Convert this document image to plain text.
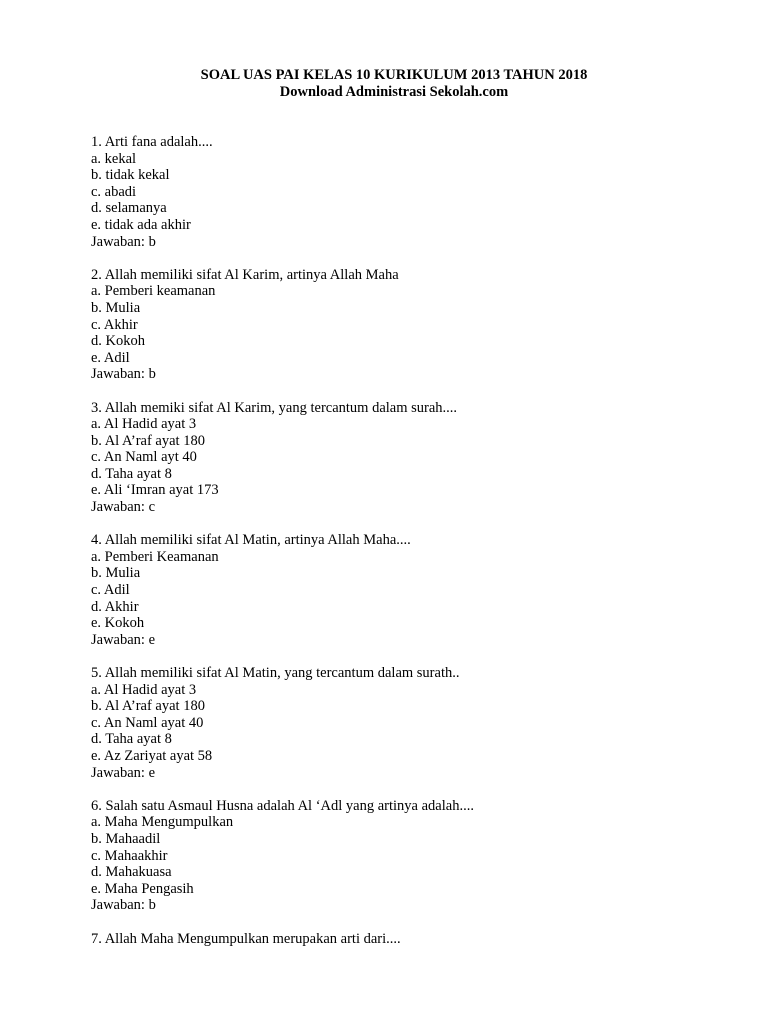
SOAL UAS PAI KELAS 10 KURIKULUM 2013 TAHUN 2018
Download Administrasi Sekolah.com
1. Arti fana adalah....
a. kekal
b. tidak kekal
c. abadi
d. selamanya
e. tidak ada akhir
Jawaban: b
2. Allah memiliki sifat Al Karim, artinya Allah Maha
a. Pemberi keamanan
b. Mulia
c. Akhir
d. Kokoh
e. Adil
Jawaban: b
3. Allah memiki sifat Al Karim, yang tercantum dalam surah....
a. Al Hadid ayat 3
b. Al A’raf ayat 180
c. An Naml ayt 40
d. Taha ayat 8
e. Ali ‘Imran ayat 173
Jawaban: c
4. Allah memiliki sifat Al Matin, artinya Allah Maha....
a. Pemberi Keamanan
b. Mulia
c. Adil
d. Akhir
e. Kokoh
Jawaban: e
5. Allah memiliki sifat Al Matin, yang tercantum dalam surath..
a. Al Hadid ayat 3
b. Al A’raf ayat 180
c. An Naml ayat 40
d. Taha ayat 8
e. Az Zariyat ayat 58
Jawaban: e
6. Salah satu Asmaul Husna adalah Al ‘Adl yang artinya adalah....
a. Maha Mengumpulkan
b. Mahaadil
c. Mahaakhir
d. Mahakuasa
e. Maha Pengasih
Jawaban: b
7. Allah Maha Mengumpulkan merupakan arti dari....
